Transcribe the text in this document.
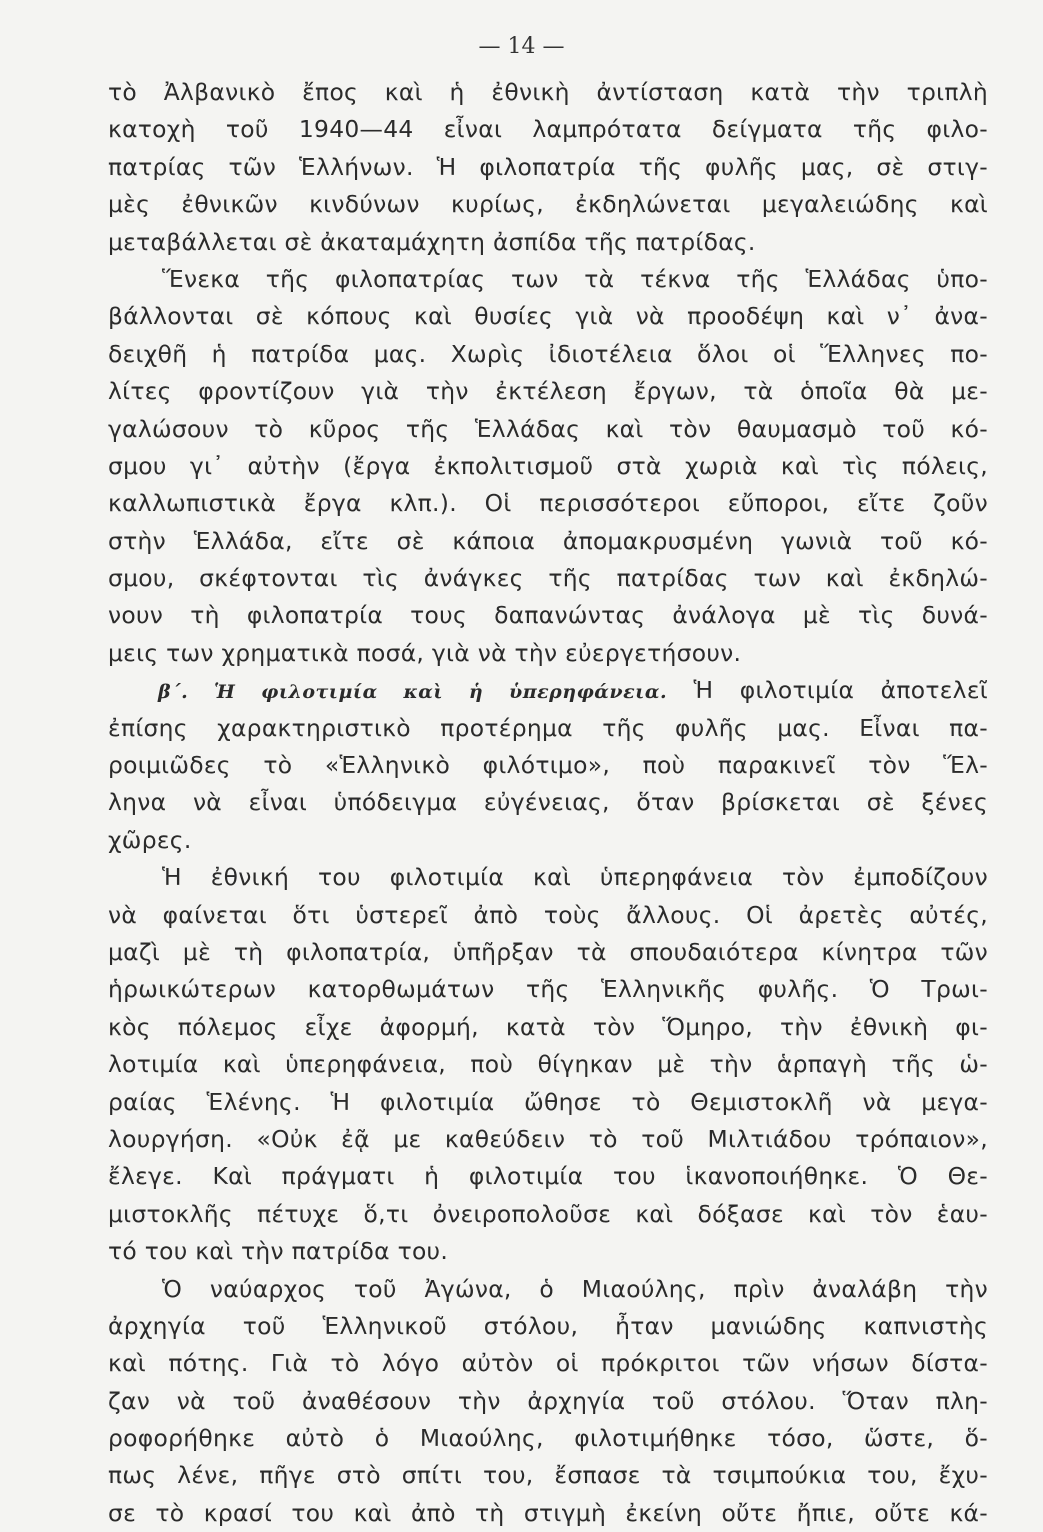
— 14 —
τὸ Ἀλβανικὸ ἔπος καὶ ἡ ἐθνικὴ ἀντίσταση κατὰ τὴν τριπλὴ
κατοχὴ τοῦ 1940—44 εἶναι λαμπρότατα δείγματα τῆς φιλο-
πατρίας τῶν Ἑλλήνων. Ἡ φιλοπατρία τῆς φυλῆς μας, σὲ στιγ-
μὲς ἐθνικῶν κινδύνων κυρίως, ἐκδηλώνεται μεγαλειώδης καὶ
μεταβάλλεται σὲ ἀκαταμάχητη ἀσπίδα τῆς πατρίδας.
Ἕνεκα τῆς φιλοπατρίας των τὰ τέκνα τῆς Ἑλλάδας ὑπο-
βάλλονται σὲ κόπους καὶ θυσίες γιὰ νὰ προοδέψη καὶ ν᾽ ἀνα-
δειχθῆ ἡ πατρίδα μας. Χωρὶς ἰδιοτέλεια ὅλοι οἱ Ἕλληνες πο-
λίτες φροντίζουν γιὰ τὴν ἐκτέλεση ἔργων, τὰ ὁποῖα θὰ με-
γαλώσουν τὸ κῦρος τῆς Ἑλλάδας καὶ τὸν θαυμασμὸ τοῦ κό-
σμου γι᾽ αὐτὴν (ἔργα ἐκπολιτισμοῦ στὰ χωριὰ καὶ τὶς πόλεις,
καλλωπιστικὰ ἔργα κλπ.). Οἱ περισσότεροι εὔποροι, εἴτε ζοῦν
στὴν Ἑλλάδα, εἴτε σὲ κάποια ἀπομακρυσμένη γωνιὰ τοῦ κό-
σμου, σκέφτονται τὶς ἀνάγκες τῆς πατρίδας των καὶ ἐκδηλώ-
νουν τὴ φιλοπατρία τους δαπανώντας ἀνάλογα μὲ τὶς δυνά-
μεις των χρηματικὰ ποσά, γιὰ νὰ τὴν εὐεργετήσουν.
β΄. Ἡ φιλοτιμία καὶ ἡ ὑπερηφάνεια. Ἡ φιλοτιμία ἀποτελεῖ
ἐπίσης χαρακτηριστικὸ προτέρημα τῆς φυλῆς μας. Εἶναι πα-
ροιμιῶδες τὸ «Ἑλληνικὸ φιλότιμο», ποὺ παρακινεῖ τὸν Ἕλ-
ληνα νὰ εἶναι ὑπόδειγμα εὐγένειας, ὅταν βρίσκεται σὲ ξένες
χῶρες.
Ἡ ἐθνική του φιλοτιμία καὶ ὑπερηφάνεια τὸν ἐμποδίζουν
νὰ φαίνεται ὅτι ὑστερεῖ ἀπὸ τοὺς ἄλλους. Οἱ ἀρετὲς αὐτές,
μαζὶ μὲ τὴ φιλοπατρία, ὑπῆρξαν τὰ σπουδαιότερα κίνητρα τῶν
ἡρωικώτερων κατορθωμάτων τῆς Ἑλληνικῆς φυλῆς. Ὁ Τρωι-
κὸς πόλεμος εἶχε ἀφορμή, κατὰ τὸν Ὅμηρο, τὴν ἐθνικὴ φι-
λοτιμία καὶ ὑπερηφάνεια, ποὺ θίγηκαν μὲ τὴν ἁρπαγὴ τῆς ὡ-
ραίας Ἑλένης. Ἡ φιλοτιμία ὤθησε τὸ Θεμιστοκλῆ νὰ μεγα-
λουργήση. «Οὐκ ἐᾷ με καθεύδειν τὸ τοῦ Μιλτιάδου τρόπαιον»,
ἔλεγε. Καὶ πράγματι ἡ φιλοτιμία του ἱκανοποιήθηκε. Ὁ Θε-
μιστοκλῆς πέτυχε ὅ,τι ὀνειροπολοῦσε καὶ δόξασε καὶ τὸν ἑαυ-
τό του καὶ τὴν πατρίδα του.
Ὁ ναύαρχος τοῦ Ἀγώνα, ὁ Μιαούλης, πρὶν ἀναλάβη τὴν
ἀρχηγία τοῦ Ἑλληνικοῦ στόλου, ἦταν μανιώδης καπνιστὴς
καὶ πότης. Γιὰ τὸ λόγο αὐτὸν οἱ πρόκριτοι τῶν νήσων δίστα-
ζαν νὰ τοῦ ἀναθέσουν τὴν ἀρχηγία τοῦ στόλου. Ὅταν πλη-
ροφορήθηκε αὐτὸ ὁ Μιαούλης, φιλοτιμήθηκε τόσο, ὥστε, ὅ-
πως λένε, πῆγε στὸ σπίτι του, ἔσπασε τὰ τσιμπούκια του, ἔχυ-
σε τὸ κρασί του καὶ ἀπὸ τὴ στιγμὴ ἐκείνη οὔτε ἤπιε, οὔτε κά-
